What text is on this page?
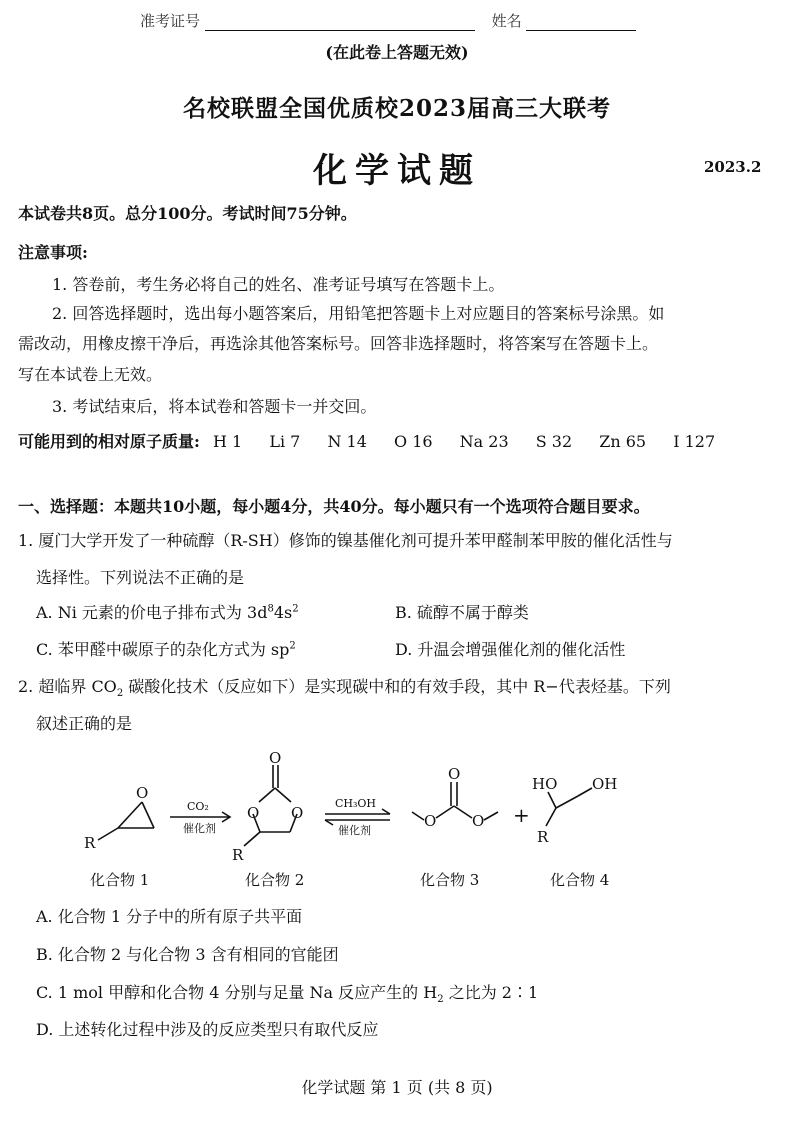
准考证号	姓名
(在此卷上答题无效)
名校联盟全国优质校2023届高三大联考
化学试题	2023.2
本试卷共8页。总分100分。考试时间75分钟。
注意事项:
1. 答卷前，考生务必将自己的姓名、准考证号填写在答题卡上。
2. 回答选择题时，选出每小题答案后，用铅笔把答题卡上对应题目的答案标号涂黑。如
需改动，用橡皮擦干净后，再选涂其他答案标号。回答非选择题时，将答案写在答题卡上。
写在本试卷上无效。
3. 考试结束后，将本试卷和答题卡一并交回。
可能用到的相对原子质量: H 1 Li 7 N 14 O 16 Na 23 S 32 Zn 65 I 127
一、选择题：本题共10小题，每小题4分，共40分。每小题只有一个选项符合题目要求。
1. 厦门大学开发了一种硫醇（R-SH）修饰的镍基催化剂可提升苯甲醛制苯甲胺的催化活性与
选择性。下列说法不正确的是
A. Ni 元素的价电子排布式为 $3d^84s^2$	B. 硫醇不属于醇类
C. 苯甲醛中碳原子的杂化方式为 $sp^2$	D. 升温会增强催化剂的催化活性
2. 超临界 $CO_2$ 碳酸化技术（反应如下）是实现碳中和的有效手段，其中 R−代表烃基。下列
叙述正确的是
O
R
O
O O
R
O
O O +
HO OH
R
CO₂
催化剂
CH₃OH
催化剂
化合物 1	化合物 2	化合物 3	化合物 4
A. 化合物 1 分子中的所有原子共平面
B. 化合物 2 与化合物 3 含有相同的官能团
C. 1 mol 甲醇和化合物 4 分别与足量 Na 反应产生的 $H_2$ 之比为 2∶1
D. 上述转化过程中涉及的反应类型只有取代反应
化学试题 第 1 页 (共 8 页)
